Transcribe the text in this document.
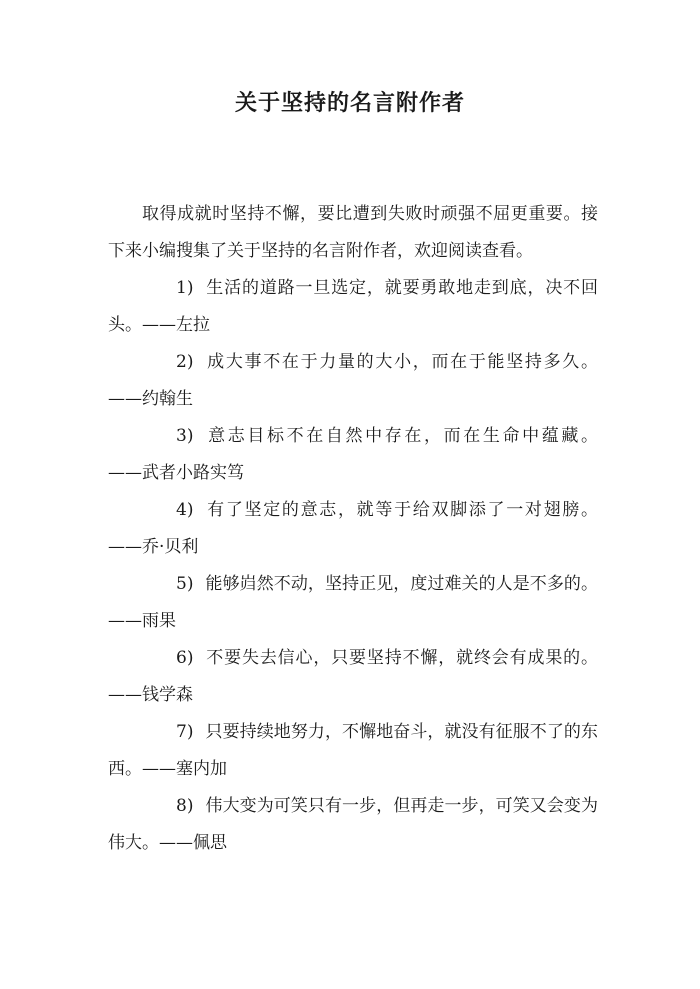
关于坚持的名言附作者

取得成就时坚持不懈，要比遭到失败时顽强不屈更重要。接下来小编搜集了关于坚持的名言附作者，欢迎阅读查看。

1) 生活的道路一旦选定，就要勇敢地走到底，决不回头。——左拉

2) 成大事不在于力量的大小，而在于能坚持多久。——约翰生

3) 意志目标不在自然中存在，而在生命中蕴藏。——武者小路实笃

4) 有了坚定的意志，就等于给双脚添了一对翅膀。——乔·贝利

5) 能够岿然不动，坚持正见，度过难关的人是不多的。——雨果

6) 不要失去信心，只要坚持不懈，就终会有成果的。——钱学森

7) 只要持续地努力，不懈地奋斗，就没有征服不了的东西。——塞内加

8) 伟大变为可笑只有一步，但再走一步，可笑又会变为伟大。——佩思
